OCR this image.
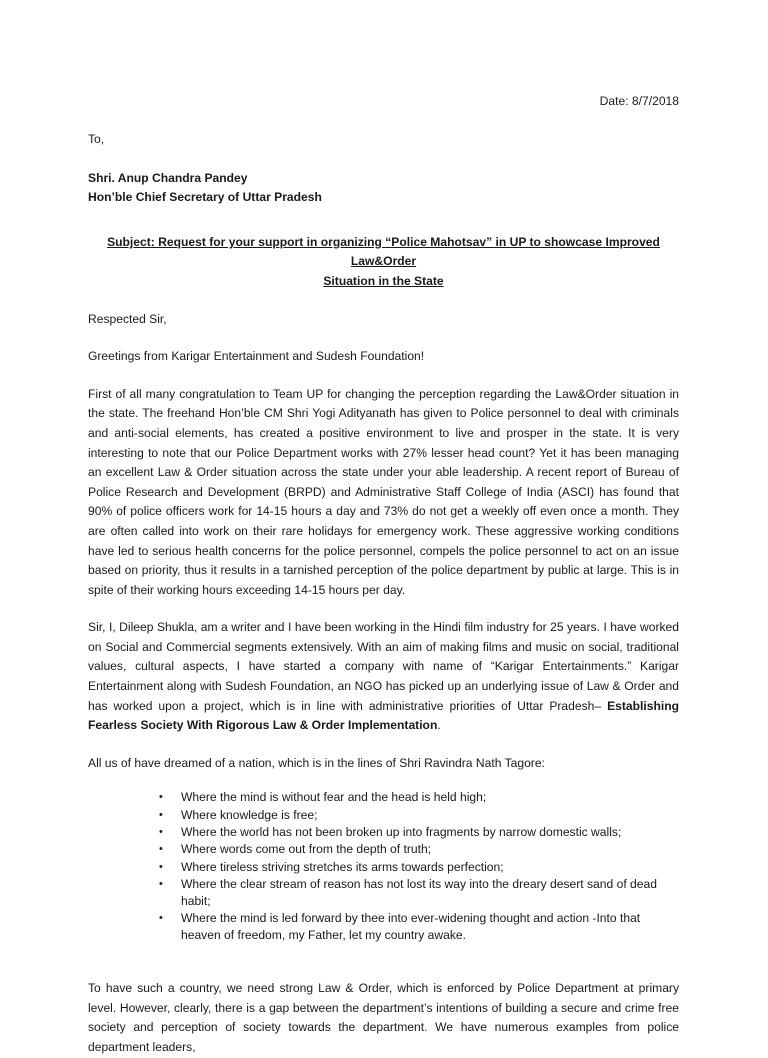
Date: 8/7/2018

To,

Shri. Anup Chandra Pandey
Hon’ble Chief Secretary of Uttar Pradesh
Subject: Request for your support in organizing “Police Mahotsav” in UP to showcase Improved Law&Order
Situation in the State

Respected Sir,

Greetings from Karigar Entertainment and Sudesh Foundation!

First of all many congratulation to Team UP for changing the perception regarding the Law&Order situation in the state. The freehand Hon’ble CM Shri Yogi Adityanath has given to Police personnel to deal with criminals and anti-social elements, has created a positive environment to live and prosper in the state. It is very interesting to note that our Police Department works with 27% lesser head count? Yet it has been managing an excellent Law & Order situation across the state under your able leadership. A recent report of Bureau of Police Research and Development (BRPD) and Administrative Staff College of India (ASCI) has found that 90% of police officers work for 14-15 hours a day and 73% do not get a weekly off even once a month. They are often called into work on their rare holidays for emergency work. These aggressive working conditions have led to serious health concerns for the police personnel, compels the police personnel to act on an issue based on priority, thus it results in a tarnished perception of the police department by public at large. This is in spite of their working hours exceeding 14-15 hours per day.

Sir, I, Dileep Shukla, am a writer and I have been working in the Hindi film industry for 25 years. I have worked on Social and Commercial segments extensively. With an aim of making films and music on social, traditional values, cultural aspects, I have started a company with name of “Karigar Entertainments.” Karigar Entertainment along with Sudesh Foundation, an NGO has picked up an underlying issue of Law & Order and has worked upon a project, which is in line with administrative priorities of Uttar Pradesh– Establishing Fearless Society With Rigorous Law & Order Implementation.

All us of have dreamed of a nation, which is in the lines of Shri Ravindra Nath Tagore:

• Where the mind is without fear and the head is held high;
• Where knowledge is free;
• Where the world has not been broken up into fragments by narrow domestic walls;
• Where words come out from the depth of truth;
• Where tireless striving stretches its arms towards perfection;
• Where the clear stream of reason has not lost its way into the dreary desert sand of dead habit;
• Where the mind is led forward by thee into ever-widening thought and action -Into that heaven of freedom, my Father, let my country awake.

To have such a country, we need strong Law & Order, which is enforced by Police Department at primary level. However, clearly, there is a gap between the department’s intentions of building a secure and crime free society and perception of society towards the department. We have numerous examples from police department leaders,
